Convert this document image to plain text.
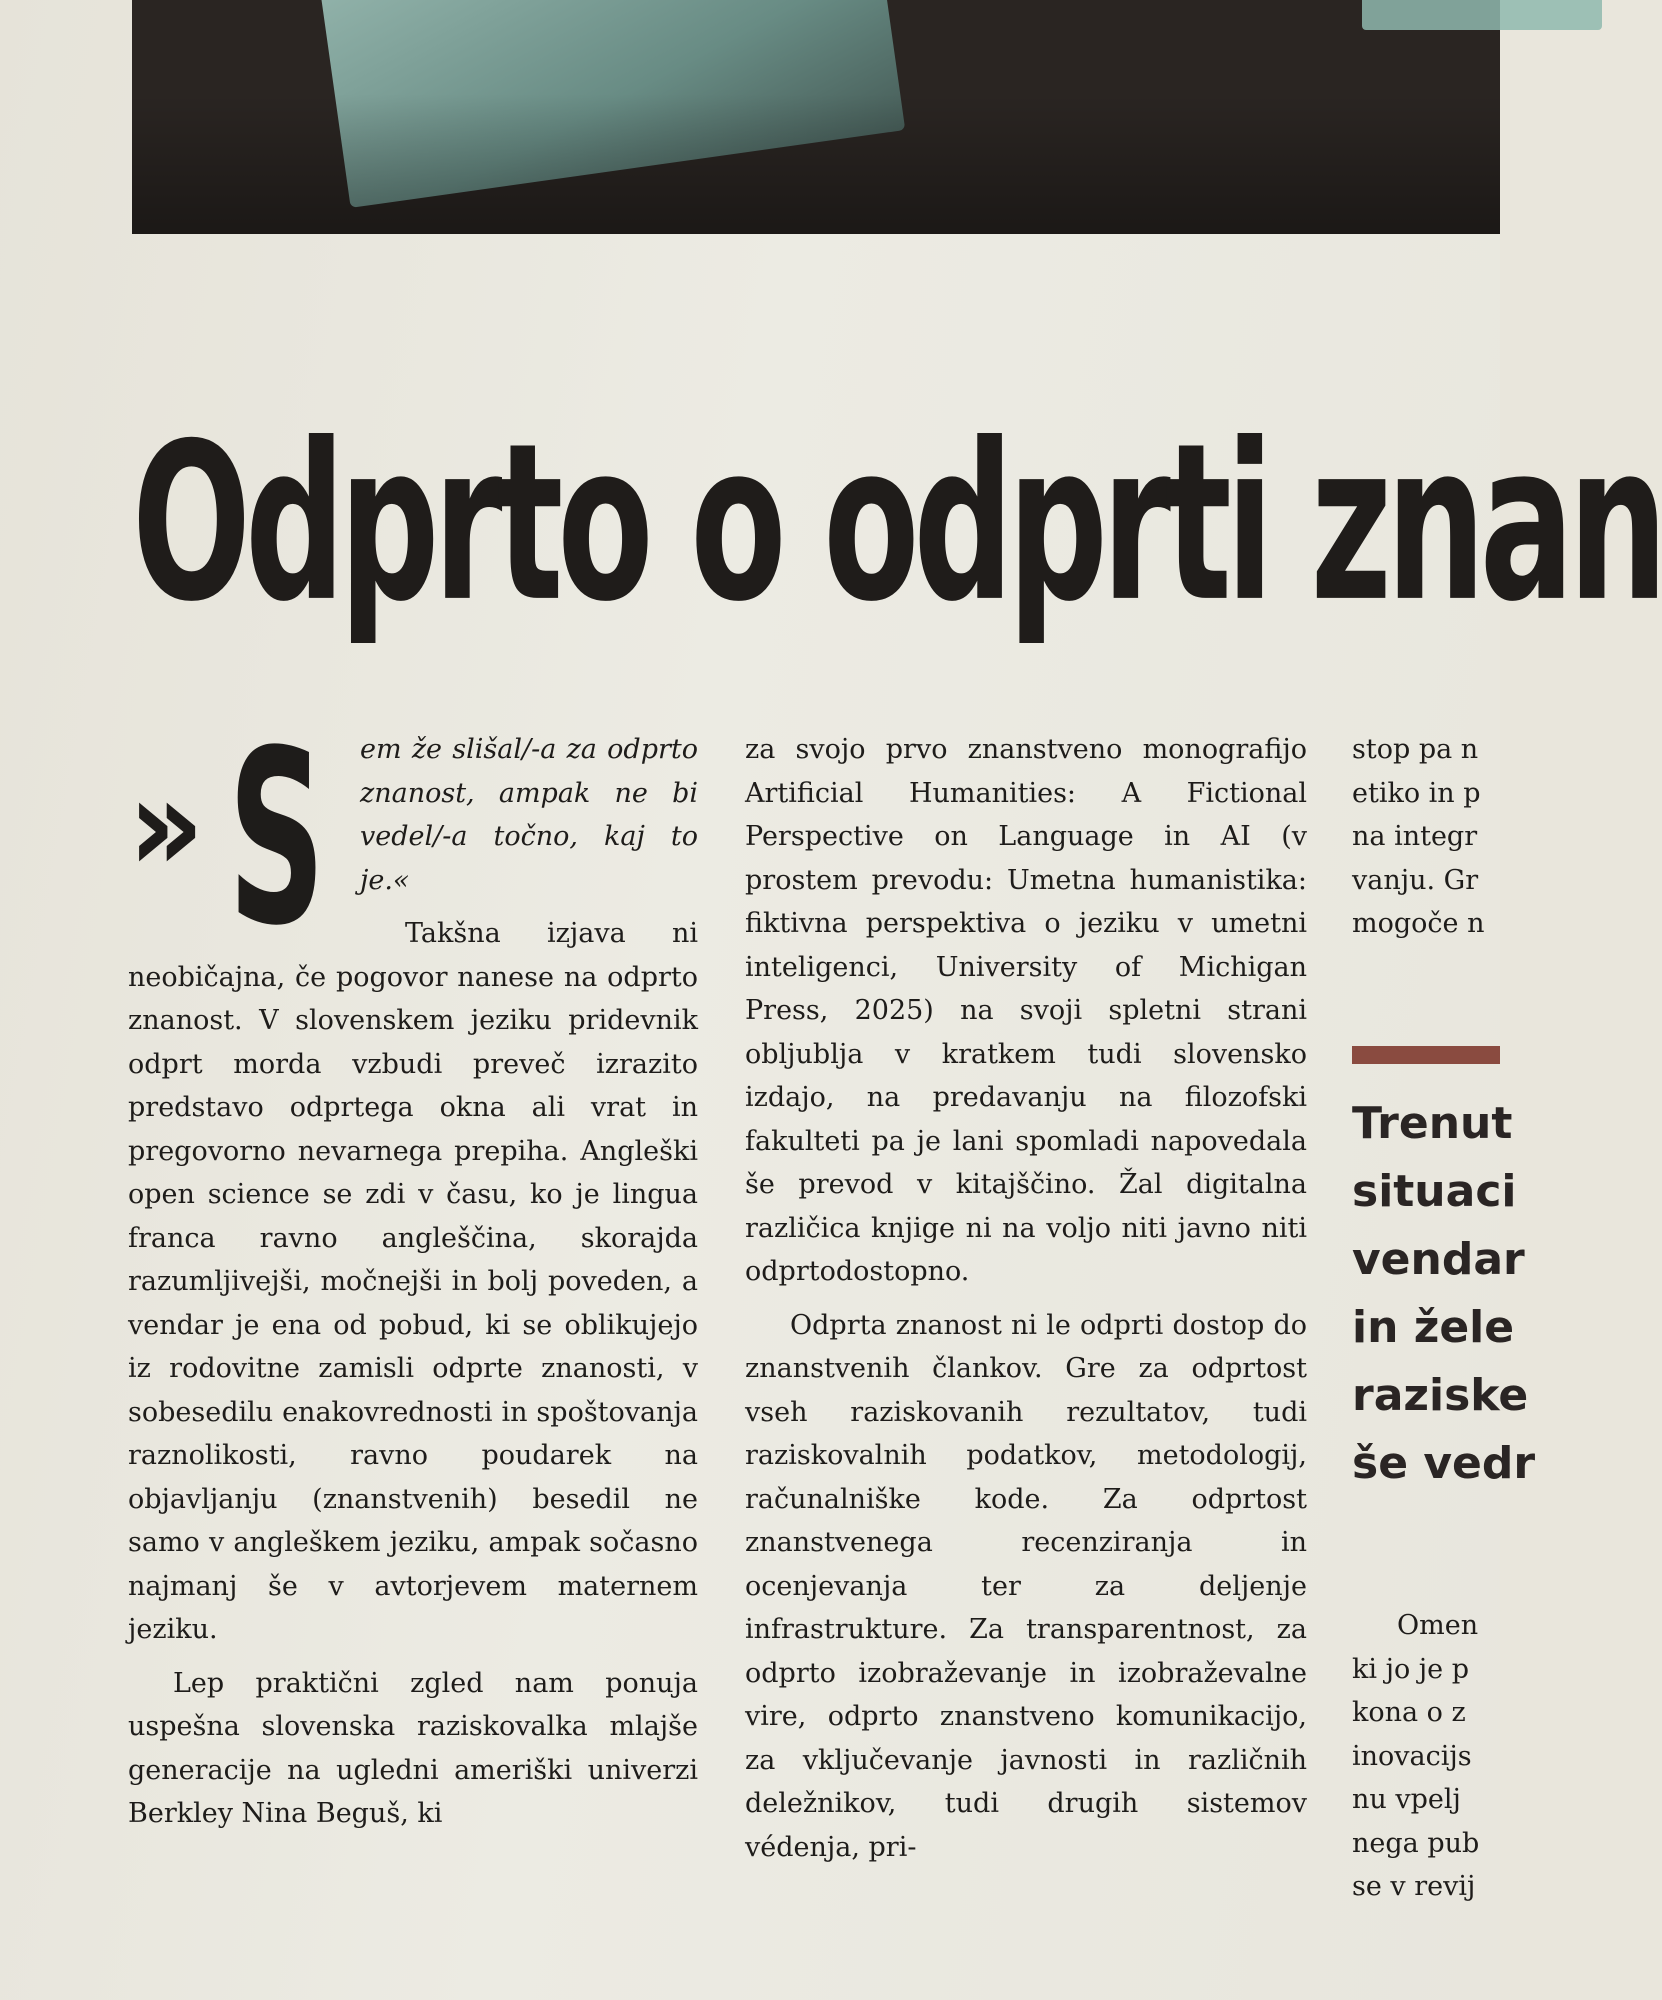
Odprto o odprti znan
» S	em že slišal/-a za odprto znanost, ampak ne bi vedel/-a točno, kaj to je.«

Takšna izjava ni neobičajna, če pogovor nanese na odprto znanost. V slovenskem jeziku pridevnik odprt morda vzbudi preveč izrazito predstavo odprtega okna ali vrat in pregovorno nevarnega prepiha. Angleški open science se zdi v času, ko je lingua franca ravno angleščina, skorajda razumljivejši, močnejši in bolj poveden, a vendar je ena od pobud, ki se oblikujejo iz rodovitne zamisli odprte znanosti, v sobesedilu enakovrednosti in spoštovanja raznolikosti, ravno poudarek na objavljanju (znanstvenih) besedil ne samo v angleškem jeziku, ampak sočasno najmanj še v avtorjevem maternem jeziku.

Lep praktični zgled nam ponuja uspešna slovenska raziskovalka mlajše generacije na ugledni ameriški univerzi Berkley Nina Beguš, ki

za svojo prvo znanstveno monografijo Artificial Humanities: A Fictional Perspective on Language in AI (v prostem prevodu: Umetna humanistika: fiktivna perspektiva o jeziku v umetni inteligenci, University of Michigan Press, 2025) na svoji spletni strani obljublja v kratkem tudi slovensko izdajo, na predavanju na filozofski fakulteti pa je lani spomladi napovedala še prevod v kitajščino. Žal digitalna različica knjige ni na voljo niti javno niti odprtodostopno.

Odprta znanost ni le odprti dostop do znanstvenih člankov. Gre za odprtost vseh raziskovanih rezultatov, tudi raziskovalnih podatkov, metodologij, računalniške kode. Za odprtost znanstvenega recenziranja in ocenjevanja ter za deljenje infrastrukture. Za transparentnost, za odprto izobraževanje in izobraževalne vire, odprto znanstveno komunikacijo, za vključevanje javnosti in različnih deležnikov, tudi drugih sistemov védenja, pri-

stop pa n
etiko in p
na integr
vanju. Gr
mogoče n
Trenut
situaci
vendar
in žele
raziske
še vedr
Omen
ki jo je p
kona o z
inovacijs
nu vpelj
nega pub
se v revij
